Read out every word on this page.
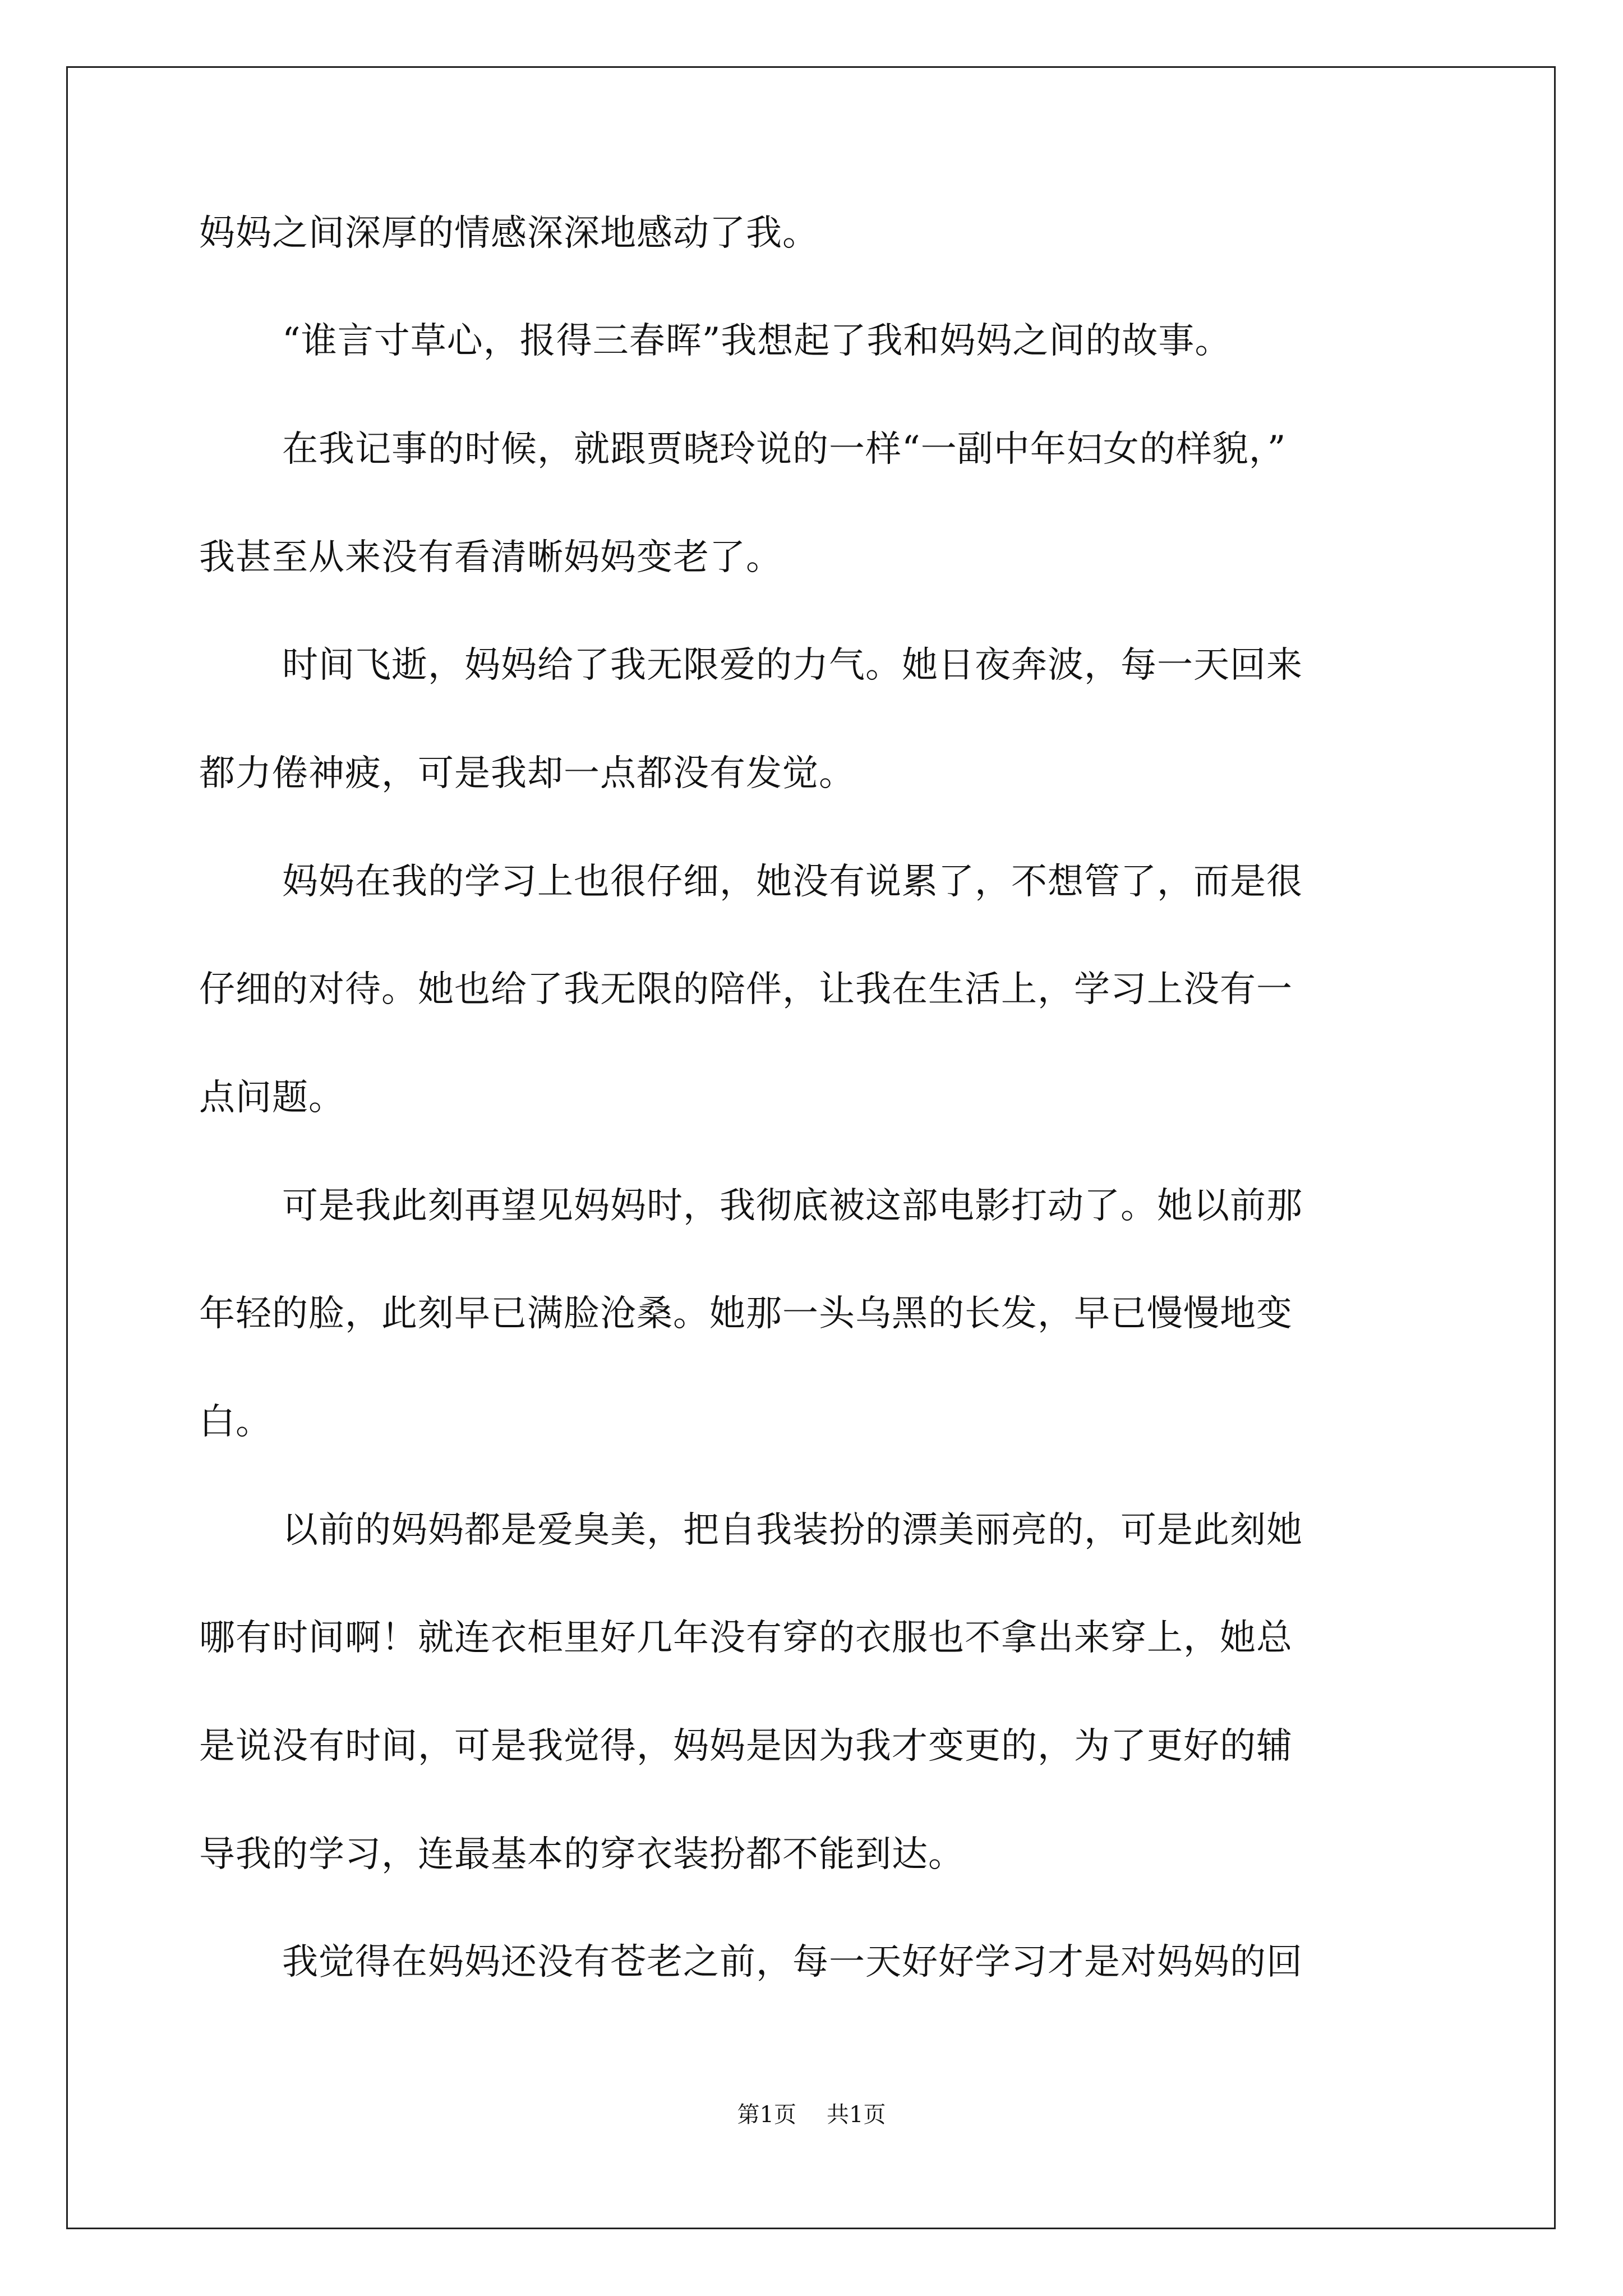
妈妈之间深厚的情感深深地感动了我。
“谁言寸草心，报得三春晖”我想起了我和妈妈之间的故事。
在我记事的时候，就跟贾晓玲说的一样“一副中年妇女的样貌，”
我甚至从来没有看清晰妈妈变老了。
时间飞逝，妈妈给了我无限爱的力气。她日夜奔波，每一天回来
都力倦神疲，可是我却一点都没有发觉。
妈妈在我的学习上也很仔细，她没有说累了，不想管了，而是很
仔细的对待。她也给了我无限的陪伴，让我在生活上，学习上没有一
点问题。
可是我此刻再望见妈妈时，我彻底被这部电影打动了。她以前那
年轻的脸，此刻早已满脸沧桑。她那一头乌黑的长发，早已慢慢地变
白。
以前的妈妈都是爱臭美，把自我装扮的漂美丽亮的，可是此刻她
哪有时间啊！就连衣柜里好几年没有穿的衣服也不拿出来穿上，她总
是说没有时间，可是我觉得，妈妈是因为我才变更的，为了更好的辅
导我的学习，连最基本的穿衣装扮都不能到达。
我觉得在妈妈还没有苍老之前，每一天好好学习才是对妈妈的回
第1页 共1页
